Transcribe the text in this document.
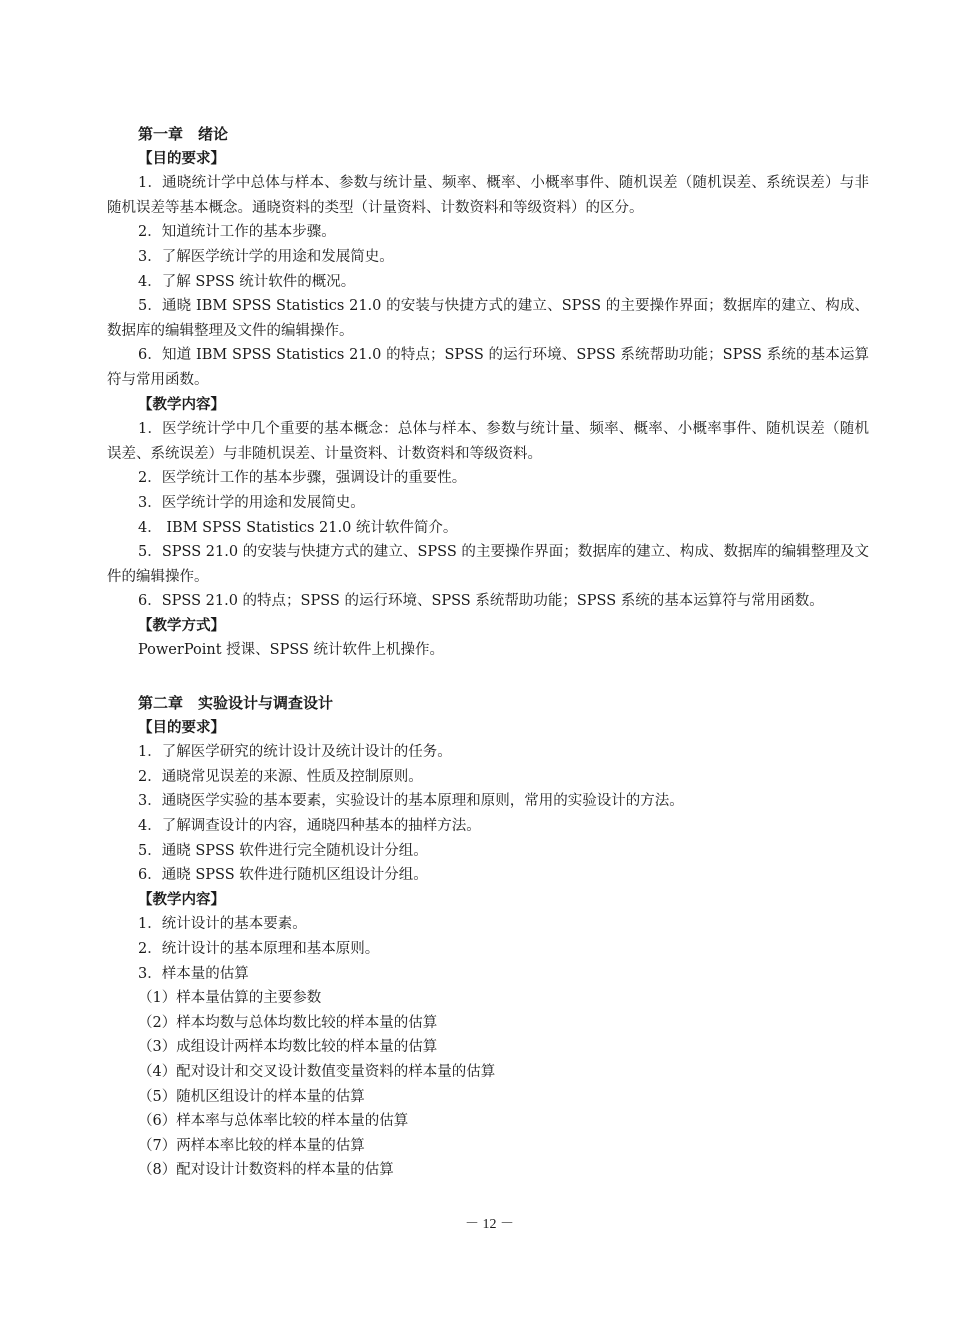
第一章　绪论
【目的要求】
1．通晓统计学中总体与样本、参数与统计量、频率、概率、小概率事件、随机误差（随机误差、系统误差）与非随机误差等基本概念。通晓资料的类型（计量资料、计数资料和等级资料）的区分。
2．知道统计工作的基本步骤。
3．了解医学统计学的用途和发展简史。
4．了解 SPSS 统计软件的概况。
5．通晓 IBM SPSS Statistics 21.0 的安装与快捷方式的建立、SPSS 的主要操作界面；数据库的建立、构成、数据库的编辑整理及文件的编辑操作。
6．知道 IBM SPSS Statistics 21.0 的特点；SPSS 的运行环境、SPSS 系统帮助功能；SPSS 系统的基本运算符与常用函数。
【教学内容】
1．医学统计学中几个重要的基本概念：总体与样本、参数与统计量、频率、概率、小概率事件、随机误差（随机误差、系统误差）与非随机误差、计量资料、计数资料和等级资料。
2．医学统计工作的基本步骤，强调设计的重要性。
3．医学统计学的用途和发展简史。
4． IBM SPSS Statistics 21.0 统计软件简介。
5．SPSS 21.0 的安装与快捷方式的建立、SPSS 的主要操作界面；数据库的建立、构成、数据库的编辑整理及文件的编辑操作。
6．SPSS 21.0 的特点；SPSS 的运行环境、SPSS 系统帮助功能；SPSS 系统的基本运算符与常用函数。
【教学方式】
PowerPoint 授课、SPSS 统计软件上机操作。
第二章　实验设计与调查设计
【目的要求】
1．了解医学研究的统计设计及统计设计的任务。
2．通晓常见误差的来源、性质及控制原则。
3．通晓医学实验的基本要素，实验设计的基本原理和原则，常用的实验设计的方法。
4．了解调查设计的内容，通晓四种基本的抽样方法。
5．通晓 SPSS 软件进行完全随机设计分组。
6．通晓 SPSS 软件进行随机区组设计分组。
【教学内容】
1．统计设计的基本要素。
2．统计设计的基本原理和基本原则。
3．样本量的估算
（1）样本量估算的主要参数
（2）样本均数与总体均数比较的样本量的估算
（3）成组设计两样本均数比较的样本量的估算
（4）配对设计和交叉设计数值变量资料的样本量的估算
（5）随机区组设计的样本量的估算
（6）样本率与总体率比较的样本量的估算
（7）两样本率比较的样本量的估算
（8）配对设计计数资料的样本量的估算
－ 12 －
